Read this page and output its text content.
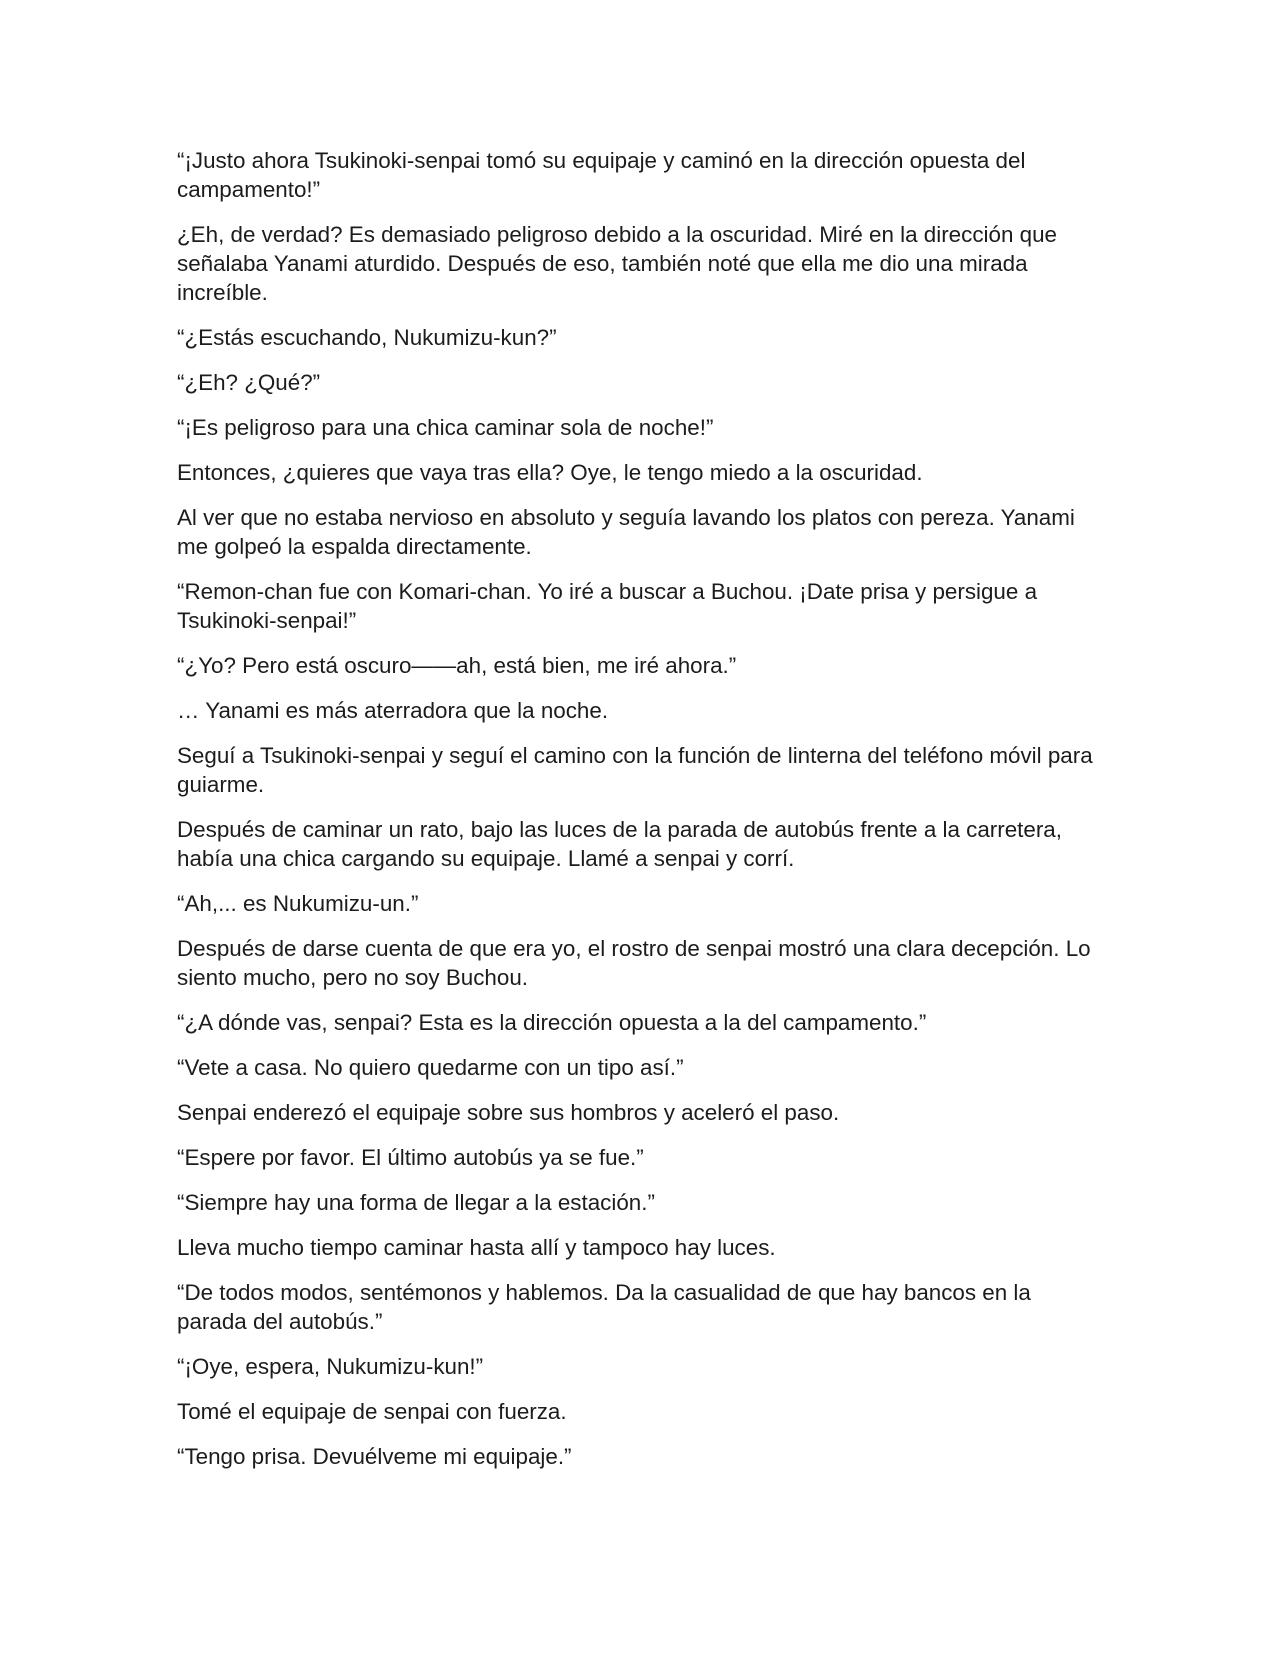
“¡Justo ahora Tsukinoki-senpai tomó su equipaje y caminó en la dirección opuesta del campamento!”

¿Eh, de verdad? Es demasiado peligroso debido a la oscuridad. Miré en la dirección que señalaba Yanami aturdido. Después de eso, también noté que ella me dio una mirada increíble.

“¿Estás escuchando, Nukumizu-kun?”

“¿Eh? ¿Qué?”

“¡Es peligroso para una chica caminar sola de noche!”

Entonces, ¿quieres que vaya tras ella? Oye, le tengo miedo a la oscuridad.

Al ver que no estaba nervioso en absoluto y seguía lavando los platos con pereza. Yanami me golpeó la espalda directamente.

“Remon-chan fue con Komari-chan. Yo iré a buscar a Buchou. ¡Date prisa y persigue a Tsukinoki-senpai!”

“¿Yo? Pero está oscuro——ah, está bien, me iré ahora.”

… Yanami es más aterradora que la noche.

Seguí a Tsukinoki-senpai y seguí el camino con la función de linterna del teléfono móvil para guiarme.

Después de caminar un rato, bajo las luces de la parada de autobús frente a la carretera, había una chica cargando su equipaje. Llamé a senpai y corrí.

“Ah,... es Nukumizu-un.”

Después de darse cuenta de que era yo, el rostro de senpai mostró una clara decepción. Lo siento mucho, pero no soy Buchou.

“¿A dónde vas, senpai? Esta es la dirección opuesta a la del campamento.”

“Vete a casa. No quiero quedarme con un tipo así.”

Senpai enderezó el equipaje sobre sus hombros y aceleró el paso.

“Espere por favor. El último autobús ya se fue.”

“Siempre hay una forma de llegar a la estación.”

Lleva mucho tiempo caminar hasta allí y tampoco hay luces.

“De todos modos, sentémonos y hablemos. Da la casualidad de que hay bancos en la parada del autobús.”

“¡Oye, espera, Nukumizu-kun!”

Tomé el equipaje de senpai con fuerza.

“Tengo prisa. Devuélveme mi equipaje.”
